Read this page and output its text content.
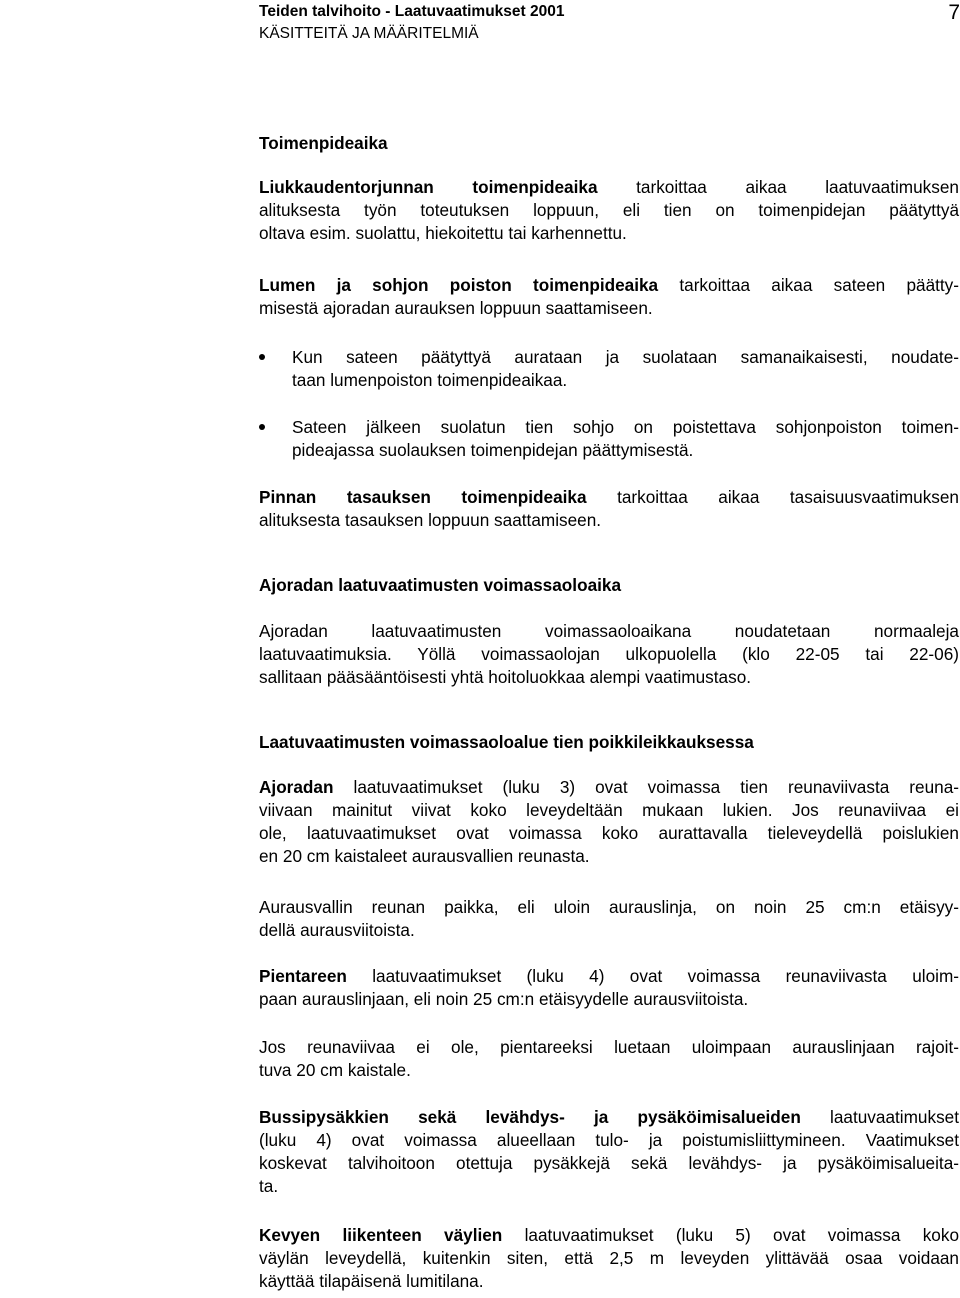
Teiden talvihoito - Laatuvaatimukset 2001
KÄSITTEITÄ JA MÄÄRITELMIÄ
7
Toimenpideaika
Liukkaudentorjunnan toimenpideaika tarkoittaa aikaa laatuvaatimuksen
alituksesta työn toteutuksen loppuun, eli tien on toimenpidejan päätyttyä
oltava esim. suolattu, hiekoitettu tai karhennettu.
Lumen ja sohjon poiston toimenpideaika tarkoittaa aikaa sateen päätty-
misestä ajoradan aurauksen loppuun saattamiseen.
Kun sateen päätyttyä aurataan ja suolataan samanaikaisesti, noudate-
taan lumenpoiston toimenpideaikaa.
Sateen jälkeen suolatun tien sohjo on poistettava sohjonpoiston toimen-
pideajassa suolauksen toimenpidejan päättymisestä.
Pinnan tasauksen toimenpideaika tarkoittaa aikaa tasaisuusvaatimuksen
alituksesta tasauksen loppuun saattamiseen.
Ajoradan laatuvaatimusten voimassaoloaika
Ajoradan laatuvaatimusten voimassaoloaikana noudatetaan normaaleja
laatuvaatimuksia. Yöllä voimassaolojan ulkopuolella (klo 22-05 tai 22-06)
sallitaan pääsääntöisesti yhtä hoitoluokkaa alempi vaatimustaso.
Laatuvaatimusten voimassaoloalue tien poikkileikkauksessa
Ajoradan laatuvaatimukset (luku 3) ovat voimassa tien reunaviivasta reuna-
viivaan mainitut viivat koko leveydeltään mukaan lukien. Jos reunaviivaa ei
ole, laatuvaatimukset ovat voimassa koko aurattavalla tieleveydellä poislukien
en 20 cm kaistaleet aurausvallien reunasta.
Aurausvallin reunan paikka, eli uloin aurauslinja, on noin 25 cm:n etäisyy-
dellä aurausviitoista.
Pientareen laatuvaatimukset (luku 4) ovat voimassa reunaviivasta uloim-
paan aurauslinjaan, eli noin 25 cm:n etäisyydelle aurausviitoista.
Jos reunaviivaa ei ole, pientareeksi luetaan uloimpaan aurauslinjaan rajoit-
tuva 20 cm kaistale.
Bussipysäkkien sekä levähdys- ja pysäköimisalueiden laatuvaatimukset
(luku 4) ovat voimassa alueellaan tulo- ja poistumisliittymineen. Vaatimukset
koskevat talvihoitoon otettuja pysäkkejä sekä levähdys- ja pysäköimisalueita-
ta.
Kevyen liikenteen väylien laatuvaatimukset (luku 5) ovat voimassa koko
väylän leveydellä, kuitenkin siten, että 2,5 m leveyden ylittävää osaa voidaan
käyttää tilapäisenä lumitilana.
